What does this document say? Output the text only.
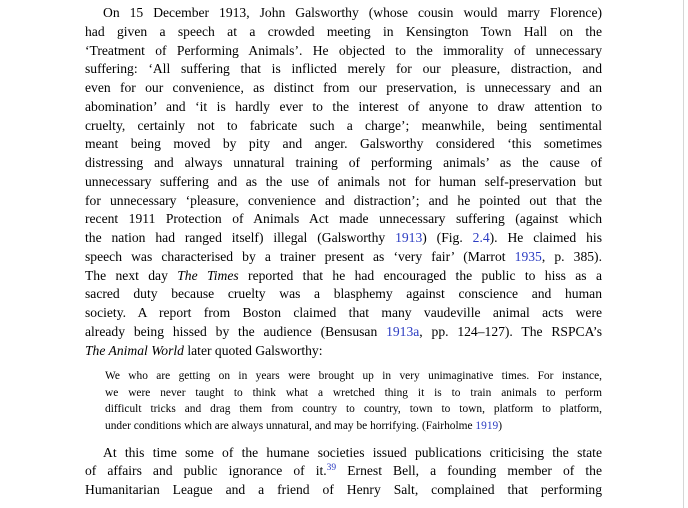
On 15 December 1913, John Galsworthy (whose cousin would marry Florence)
had given a speech at a crowded meeting in Kensington Town Hall on the
‘Treatment of Performing Animals’. He objected to the immorality of unnecessary
suffering: ‘All suffering that is inflicted merely for our pleasure, distraction, and
even for our convenience, as distinct from our preservation, is unnecessary and an
abomination’ and ‘it is hardly ever to the interest of anyone to draw attention to
cruelty, certainly not to fabricate such a charge’; meanwhile, being sentimental
meant being moved by pity and anger. Galsworthy considered ‘this sometimes
distressing and always unnatural training of performing animals’ as the cause of
unnecessary suffering and as the use of animals not for human self-preservation but
for unnecessary ‘pleasure, convenience and distraction’; and he pointed out that the
recent 1911 Protection of Animals Act made unnecessary suffering (against which
the nation had ranged itself) illegal (Galsworthy 1913) (Fig. 2.4). He claimed his
speech was characterised by a trainer present as ‘very fair’ (Marrot 1935, p. 385).
The next day The Times reported that he had encouraged the public to hiss as a
sacred duty because cruelty was a blasphemy against conscience and human
society. A report from Boston claimed that many vaudeville animal acts were
already being hissed by the audience (Bensusan 1913a, pp. 124–127). The RSPCA’s
The Animal World later quoted Galsworthy:
We who are getting on in years were brought up in very unimaginative times. For instance,
we were never taught to think what a wretched thing it is to train animals to perform
difficult tricks and drag them from country to country, town to town, platform to platform,
under conditions which are always unnatural, and may be horrifying. (Fairholme 1919)
At this time some of the humane societies issued publications criticising the state
of affairs and public ignorance of it.$^{39}$ Ernest Bell, a founding member of the
Humanitarian League and a friend of Henry Salt, complained that performing
